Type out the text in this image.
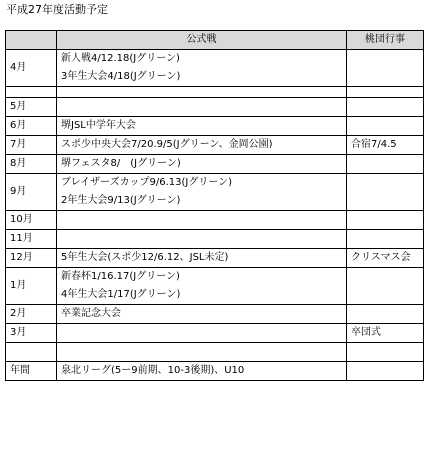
平成27年度活動予定
	公式戦	桃団行事
4月	新人戦4/12.18(Jグリーン)	
	3年生大会4/18(Jグリーン)	

5月		
6月	堺JSL中学年大会	
7月	スポ少中央大会7/20.9/5(Jグリーン、金岡公園)	合宿7/4.5
8月	堺フェスタ8/　(Jグリーン)	
9月	ブレイザーズカップ9/6.13(Jグリーン)	
	2年生大会9/13(Jグリーン)	
10月		
11月		
12月	5年生大会(スポ少12/6.12、JSL未定)	クリスマス会
1月	新春杯1/16.17(Jグリーン)	
	4年生大会1/17(Jグリーン)	
2月	卒業記念大会	
3月		卒団式

年間	泉北リーグ(5ー9前期、10-3後期)、U10	
